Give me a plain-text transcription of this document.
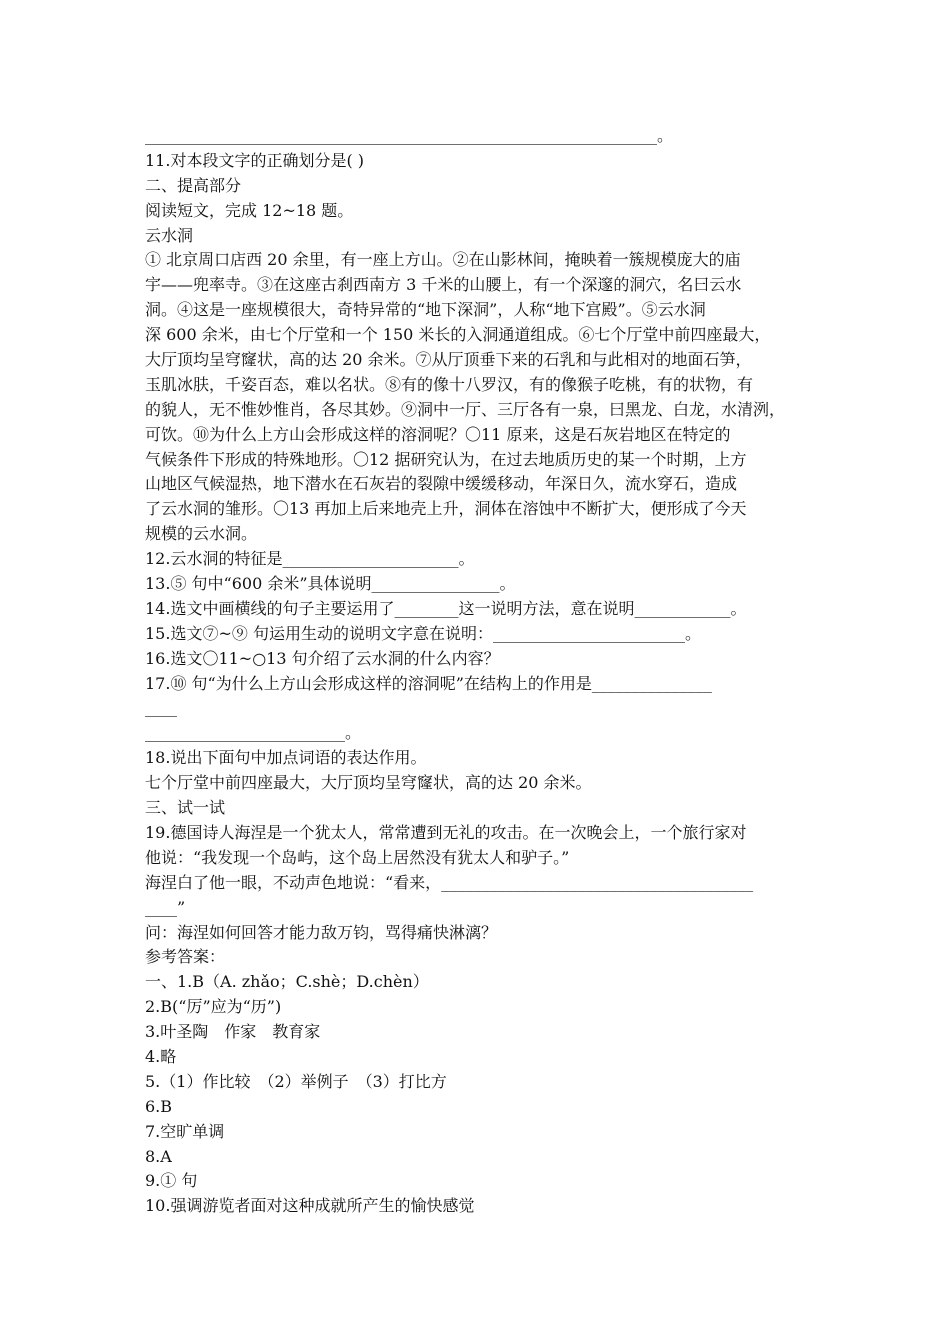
________________________________________________________________。
11.对本段文字的正确划分是( )
二、提高部分
阅读短文，完成 12~18 题。
云水洞
① 北京周口店西 20 余里，有一座上方山。②在山影林间，掩映着一簇规模庞大的庙
宇——兜率寺。③在这座古刹西南方 3 千米的山腰上，有一个深邃的洞穴，名曰云水
洞。④这是一座规模很大，奇特异常的“地下深洞”，人称“地下宫殿”。⑤云水洞
深 600 余米，由七个厅堂和一个 150 米长的入洞通道组成。⑥七个厅堂中前四座最大，
大厅顶均呈穹窿状，高的达 20 余米。⑦从厅顶垂下来的石乳和与此相对的地面石笋，
玉肌冰肤，千姿百态，难以名状。⑧有的像十八罗汉，有的像猴子吃桃，有的状物，有
的貌人，无不惟妙惟肖，各尽其妙。⑨洞中一厅、三厅各有一泉，曰黑龙、白龙，水清洌，
可饮。⑩为什么上方山会形成这样的溶洞呢？〇11 原来，这是石灰岩地区在特定的
气候条件下形成的特殊地形。〇12 据研究认为，在过去地质历史的某一个时期，上方
山地区气候湿热，地下潜水在石灰岩的裂隙中缓缓移动，年深日久，流水穿石，造成
了云水洞的雏形。〇13 再加上后来地壳上升，洞体在溶蚀中不断扩大，便形成了今天
规模的云水洞。
12.云水洞的特征是______________________。
13.⑤ 句中“600 余米”具体说明________________。
14.选文中画横线的句子主要运用了________这一说明方法，意在说明____________。
15.选文⑦~⑨ 句运用生动的说明文字意在说明：________________________。
16.选文〇11~○13 句介绍了云水洞的什么内容？
17.⑩ 句“为什么上方山会形成这样的溶洞呢”在结构上的作用是_______________
____
_________________________。
18.说出下面句中加点词语的表达作用。
七个厅堂中前四座最大，大厅顶均呈穹窿状，高的达 20 余米。
三、试一试
19.德国诗人海涅是一个犹太人，常常遭到无礼的攻击。在一次晚会上，一个旅行家对
他说：“我发现一个岛屿，这个岛上居然没有犹太人和驴子。”
海涅白了他一眼，不动声色地说：“看来，_______________________________________
____”
问：海涅如何回答才能力敌万钧，骂得痛快淋漓？
参考答案：
一、1.B（A. zhǎo；C.shè；D.chèn）
2.B(“厉”应为“历”)
3.叶圣陶　作家　教育家
4.略
5.（1）作比较　（2）举例子　（3）打比方
6.B
7.空旷单调
8.A
9.① 句
10.强调游览者面对这种成就所产生的愉快感觉
